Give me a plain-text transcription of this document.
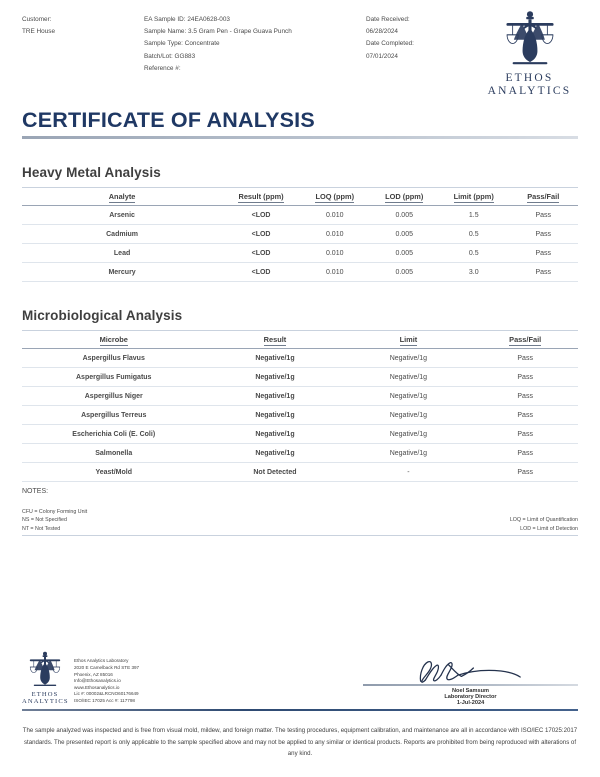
Customer:
TRE House
EA Sample ID: 24EA0628-003
Sample Name: 3.5 Gram Pen - Grape Guava Punch
Sample Type: Concentrate
Batch/Lot: GG883
Reference #:
Date Received:
06/28/2024
Date Completed:
07/01/2024
ETHOS
ANALYTICS
CERTIFICATE OF ANALYSIS
Heavy Metal Analysis
Analyte	Result (ppm)	LOQ (ppm)	LOD (ppm)	Limit (ppm)	Pass/Fail
Arsenic	<LOD	0.010	0.005	1.5	Pass
Cadmium	<LOD	0.010	0.005	0.5	Pass
Lead	<LOD	0.010	0.005	0.5	Pass
Mercury	<LOD	0.010	0.005	3.0	Pass
Microbiological Analysis
Microbe	Result	Limit	Pass/Fail
Aspergillus Flavus	Negative/1g	Negative/1g	Pass
Aspergillus Fumigatus	Negative/1g	Negative/1g	Pass
Aspergillus Niger	Negative/1g	Negative/1g	Pass
Aspergillus Terreus	Negative/1g	Negative/1g	Pass
Escherichia Coli (E. Coli)	Negative/1g	Negative/1g	Pass
Salmonella	Negative/1g	Negative/1g	Pass
Yeast/Mold	Not Detected	-	Pass
NOTES:
CFU = Colony Forming Unit
NS = Not Specified
NT = Not Tested
LOQ = Limit of Quantification
LOD = Limit of Detection
ETHOS
ANALYTICS
Ethos Analytics Laboratory
2020 E Camelback Rd STE 397
Phoenix, AZ 85016
Info@Ethosanalytics.io
www.Ethosanalytics.io
Lic #: 00002&LRCNO60176649
ISO/IEC 17025 Acc #: 117798
Noel Samsum
Laboratory Director
1-Jul-2024
The sample analyzed was inspected and is free from visual mold, mildew, and foreign matter. The testing procedures, equipment calibration, and maintenance are all in accordance with ISO/IEC 17025:2017 standards. The presented report is only applicable to the sample specified above and may not be applied to any similar or identical products. Reports are prohibited from being reproduced with alterations of any kind.
